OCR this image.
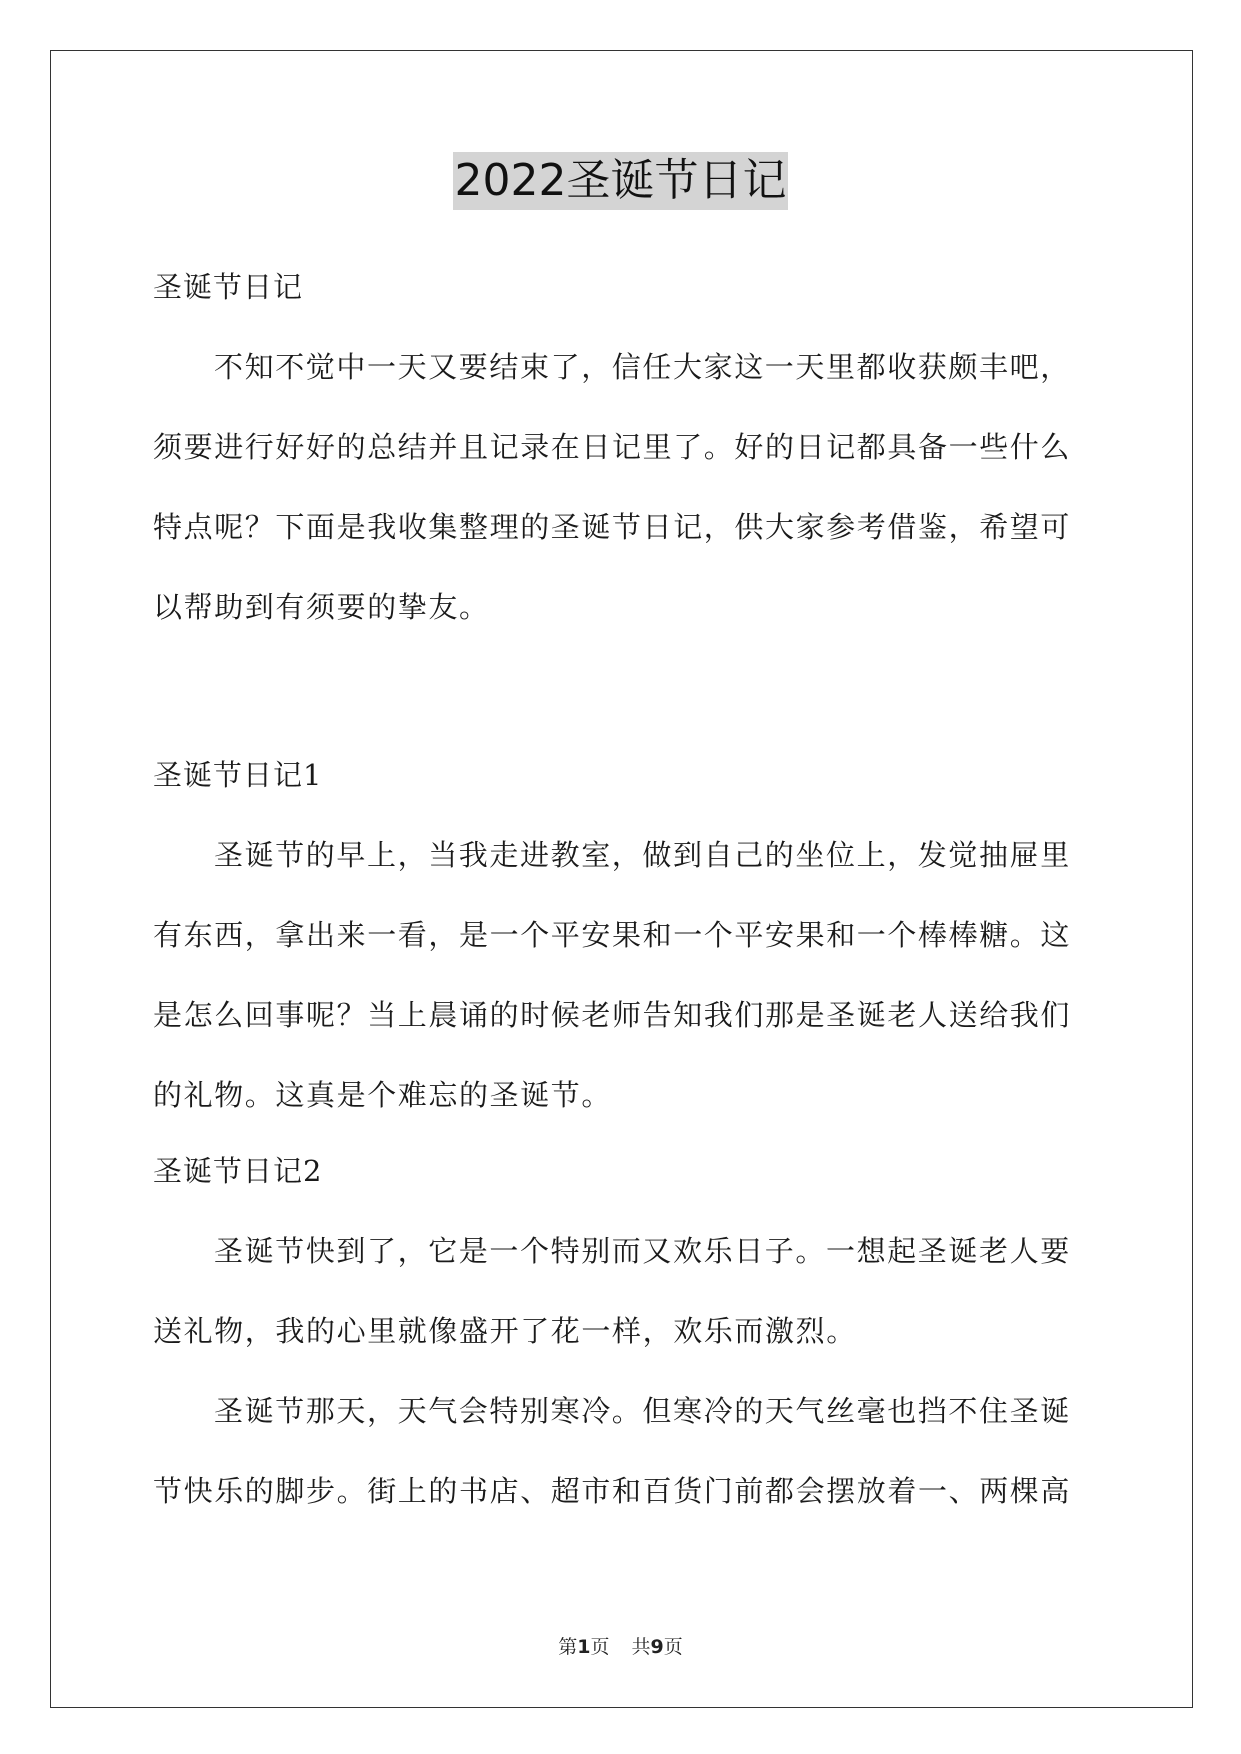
2022圣诞节日记
圣诞节日记
不知不觉中一天又要结束了，信任大家这一天里都收获颇丰吧，
须要进行好好的总结并且记录在日记里了。好的日记都具备一些什么
特点呢？下面是我收集整理的圣诞节日记，供大家参考借鉴，希望可
以帮助到有须要的挚友。
圣诞节日记1
圣诞节的早上，当我走进教室，做到自己的坐位上，发觉抽屉里
有东西，拿出来一看，是一个平安果和一个平安果和一个棒棒糖。这
是怎么回事呢？当上晨诵的时候老师告知我们那是圣诞老人送给我们
的礼物。这真是个难忘的圣诞节。
圣诞节日记2
圣诞节快到了，它是一个特别而又欢乐日子。一想起圣诞老人要
送礼物，我的心里就像盛开了花一样，欢乐而激烈。
圣诞节那天，天气会特别寒冷。但寒冷的天气丝毫也挡不住圣诞
节快乐的脚步。街上的书店、超市和百货门前都会摆放着一、两棵高
第1页 共9页
